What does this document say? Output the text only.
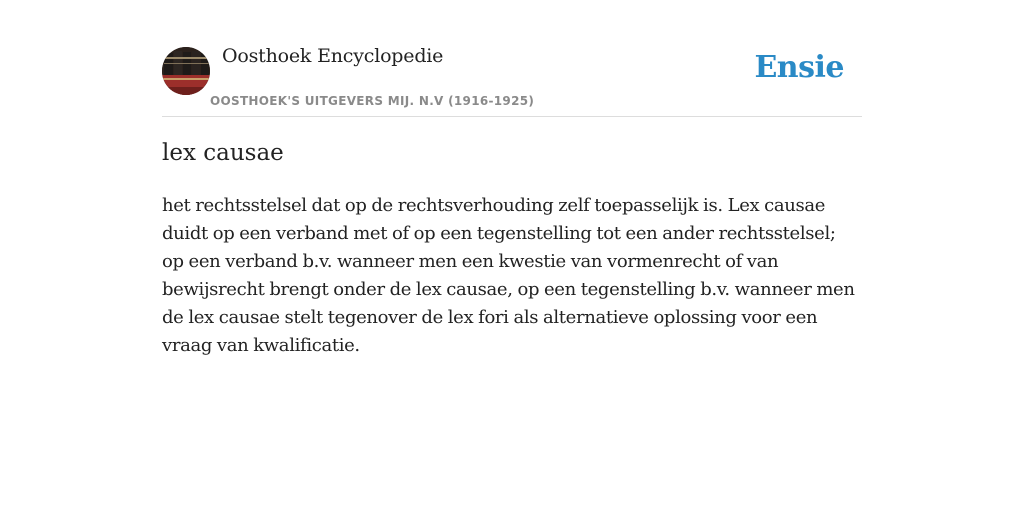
Oosthoek Encyclopedie
OOSTHOEK'S UITGEVERS MIJ. N.V (1916-1925)
Ensie
lex causae
het rechtsstelsel dat op de rechtsverhouding zelf toepasselijk is. Lex causae duidt op een verband met of op een tegenstelling tot een ander rechtsstelsel; op een verband b.v. wanneer men een kwestie van vormenrecht of van bewijsrecht brengt onder de lex causae, op een tegenstelling b.v. wanneer men de lex causae stelt tegenover de lex fori als alternatieve oplossing voor een vraag van kwalificatie.
